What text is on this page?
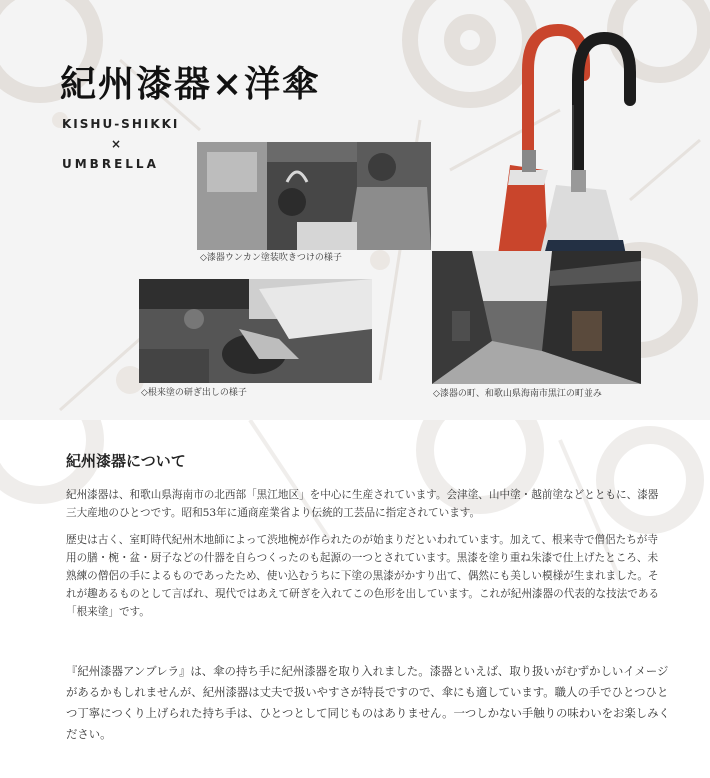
紀州漆器×洋傘
KISHU-SHIKKI
×
UMBRELLA
◇漆器ウンカン塗装吹きつけの様子
◇根来塗の研ぎ出しの様子	◇漆器の町、和歌山県海南市黒江の町並み
紀州漆器について

紀州漆器は、和歌山県海南市の北西部「黒江地区」を中心に生産されています。会津塗、山中塗・越前塗などとともに、漆器三大産地のひとつです。昭和53年に通商産業省より伝統的工芸品に指定されています。

歴史は古く、室町時代紀州木地師によって渋地椀が作られたのが始まりだといわれています。加えて、根来寺で僧侶たちが寺用の膳・椀・盆・厨子などの什器を自らつくったのも起源の一つとされています。黒漆を塗り重ね朱漆で仕上げたところ、未熟練の僧侶の手によるものであったため、使い込むうちに下塗の黒漆がかすり出て、偶然にも美しい模様が生まれました。それが趣あるものとして言ばれ、現代ではあえて研ぎを入れてこの色形を出しています。これが紀州漆器の代表的な技法である「根来塗」です。

『紀州漆器アンブレラ』は、傘の持ち手に紀州漆器を取り入れました。漆器といえば、取り扱いがむずかしいイメージがあるかもしれませんが、紀州漆器は丈夫で扱いやすさが特長ですので、傘にも適しています。職人の手でひとつひとつ丁寧につくり上げられた持ち手は、ひとつとして同じものはありません。一つしかない手触りの味わいをお楽しみください。
